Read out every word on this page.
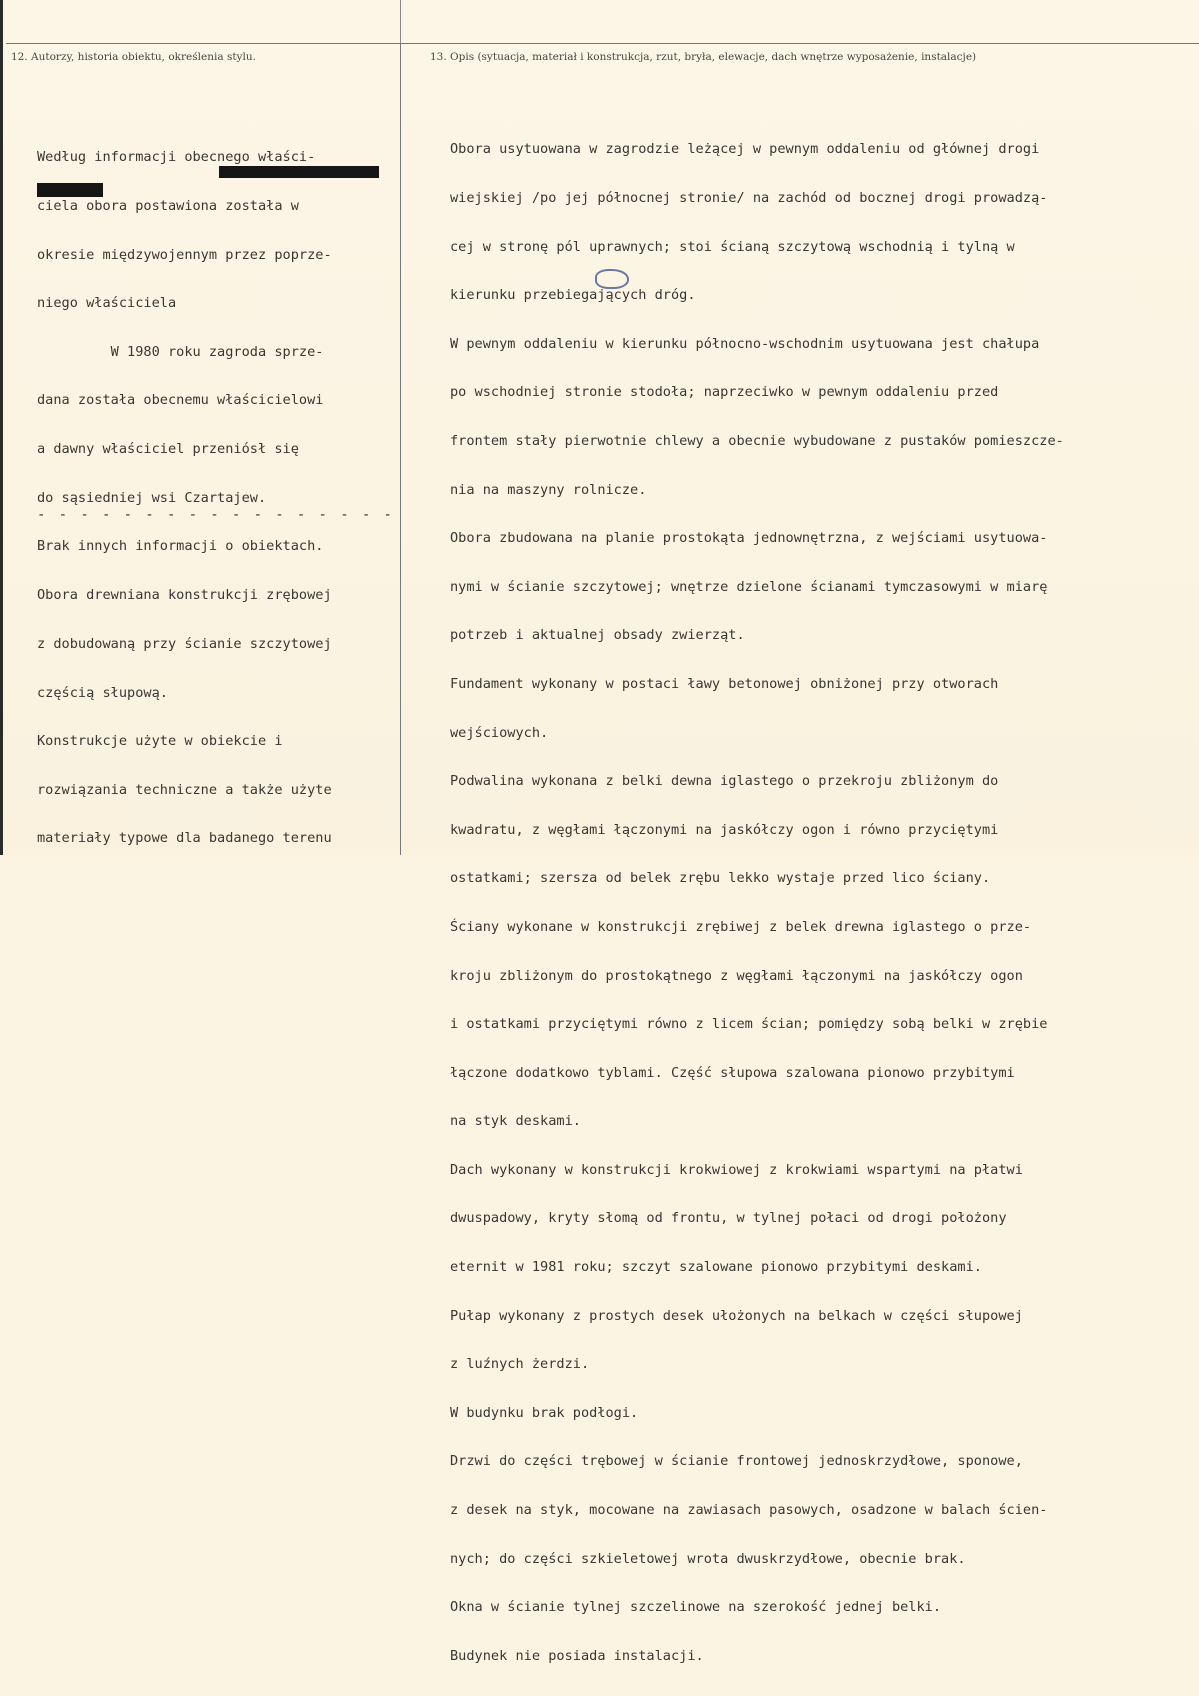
12. Autorzy, historia obiektu, określenia stylu.	13. Opis (sytuacja, materiał i konstrukcja, rzut, bryła, elewacje, dach wnętrze wyposażenie, instalacje)

Według informacji obecnego właści-

ciela obora postawiona została w

okresie międzywojennym przez poprze-

niego właściciela

W 1980 roku zagroda sprze-

dana została obecnemu właścicielowi

a dawny właściciel przeniósł się

do sąsiedniej wsi Czartajew.

Brak innych informacji o obiektach.

- - - - - - - - - - - - - - - - -

Obora drewniana konstrukcji zrębowej

z dobudowaną przy ścianie szczytowej

częścią słupową.

Konstrukcje użyte w obiekcie i

rozwiązania techniczne a także użyte

materiały typowe dla badanego terenu

Obora usytuowana w zagrodzie leżącej w pewnym oddaleniu od głównej drogi

wiejskiej /po jej północnej stronie/ na zachód od bocznej drogi prowadzą-

cej w stronę pól uprawnych; stoi ścianą szczytową wschodnią i tylną w

kierunku przebiegających dróg.

W pewnym oddaleniu w kierunku północno-wschodnim usytuowana jest chałupa

po wschodniej stronie stodoła; naprzeciwko w pewnym oddaleniu przed

frontem stały pierwotnie chlewy a obecnie wybudowane z pustaków pomieszcze-

nia na maszyny rolnicze.

Obora zbudowana na planie prostokąta jednownętrzna, z wejściami usytuowa-

nymi w ścianie szczytowej; wnętrze dzielone ścianami tymczasowymi w miarę

potrzeb i aktualnej obsady zwierząt.

Fundament wykonany w postaci ławy betonowej obniżonej przy otworach

wejściowych.

Podwalina wykonana z belki dewna iglastego o przekroju zbliżonym do

kwadratu, z węgłami łączonymi na jaskółczy ogon i równo przyciętymi

ostatkami; szersza od belek zrębu lekko wystaje przed lico ściany.

Ściany wykonane w konstrukcji zrębiwej z belek drewna iglastego o prze-

kroju zbliżonym do prostokątnego z węgłami łączonymi na jaskółczy ogon

i ostatkami przyciętymi równo z licem ścian; pomiędzy sobą belki w zrębie

łączone dodatkowo tyblami. Część słupowa szalowana pionowo przybitymi

na styk deskami.

Dach wykonany w konstrukcji krokwiowej z krokwiami wspartymi na płatwi

dwuspadowy, kryty słomą od frontu, w tylnej połaci od drogi położony

eternit w 1981 roku; szczyt szalowane pionowo przybitymi deskami.

Pułap wykonany z prostych desek ułożonych na belkach w części słupowej

z luźnych żerdzi.

W budynku brak podłogi.

Drzwi do części trębowej w ścianie frontowej jednoskrzydłowe, sponowe,

z desek na styk, mocowane na zawiasach pasowych, osadzone w balach ścien-

nych; do części szkieletowej wrota dwuskrzydłowe, obecnie brak.

Okna w ścianie tylnej szczelinowe na szerokość jednej belki.

Budynek nie posiada instalacji.
